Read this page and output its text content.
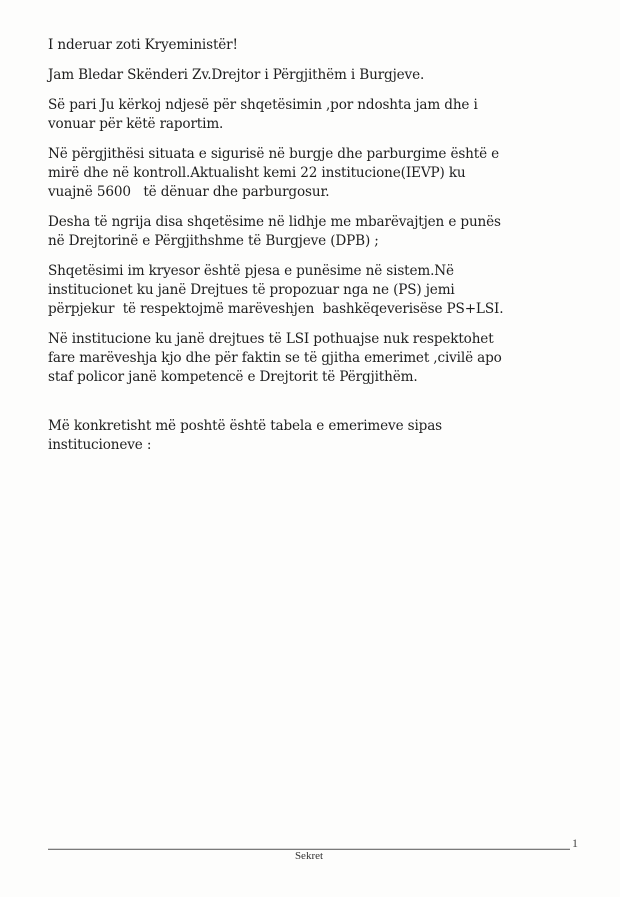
I nderuar zoti Kryeministër!
Jam Bledar Skënderi Zv.Drejtor i Përgjithëm i Burgjeve.
Së pari Ju kërkoj ndjesë për shqetësimin ,por ndoshta jam dhe i
vonuar për këtë raportim.
Në përgjithësi situata e sigurisë në burgje dhe parburgime është e
mirë dhe në kontroll.Aktualisht kemi 22 institucione(IEVP) ku
vuajnë 5600   të dënuar dhe parburgosur.
Desha të ngrija disa shqetësime në lidhje me mbarëvajtjen e punës
në Drejtorinë e Përgjithshme të Burgjeve (DPB) ;
Shqetësimi im kryesor është pjesa e punësime në sistem.Në
institucionet ku janë Drejtues të propozuar nga ne (PS) jemi
përpjekur  të respektojmë marëveshjen  bashkëqeverisëse PS+LSI.
Në institucione ku janë drejtues të LSI pothuajse nuk respektohet
fare marëveshja kjo dhe për faktin se të gjitha emerimet ,civilë apo
staf policor janë kompetencë e Drejtorit të Përgjithëm.
Më konkretisht më poshtë është tabela e emerimeve sipas
institucioneve :
1
Sekret
